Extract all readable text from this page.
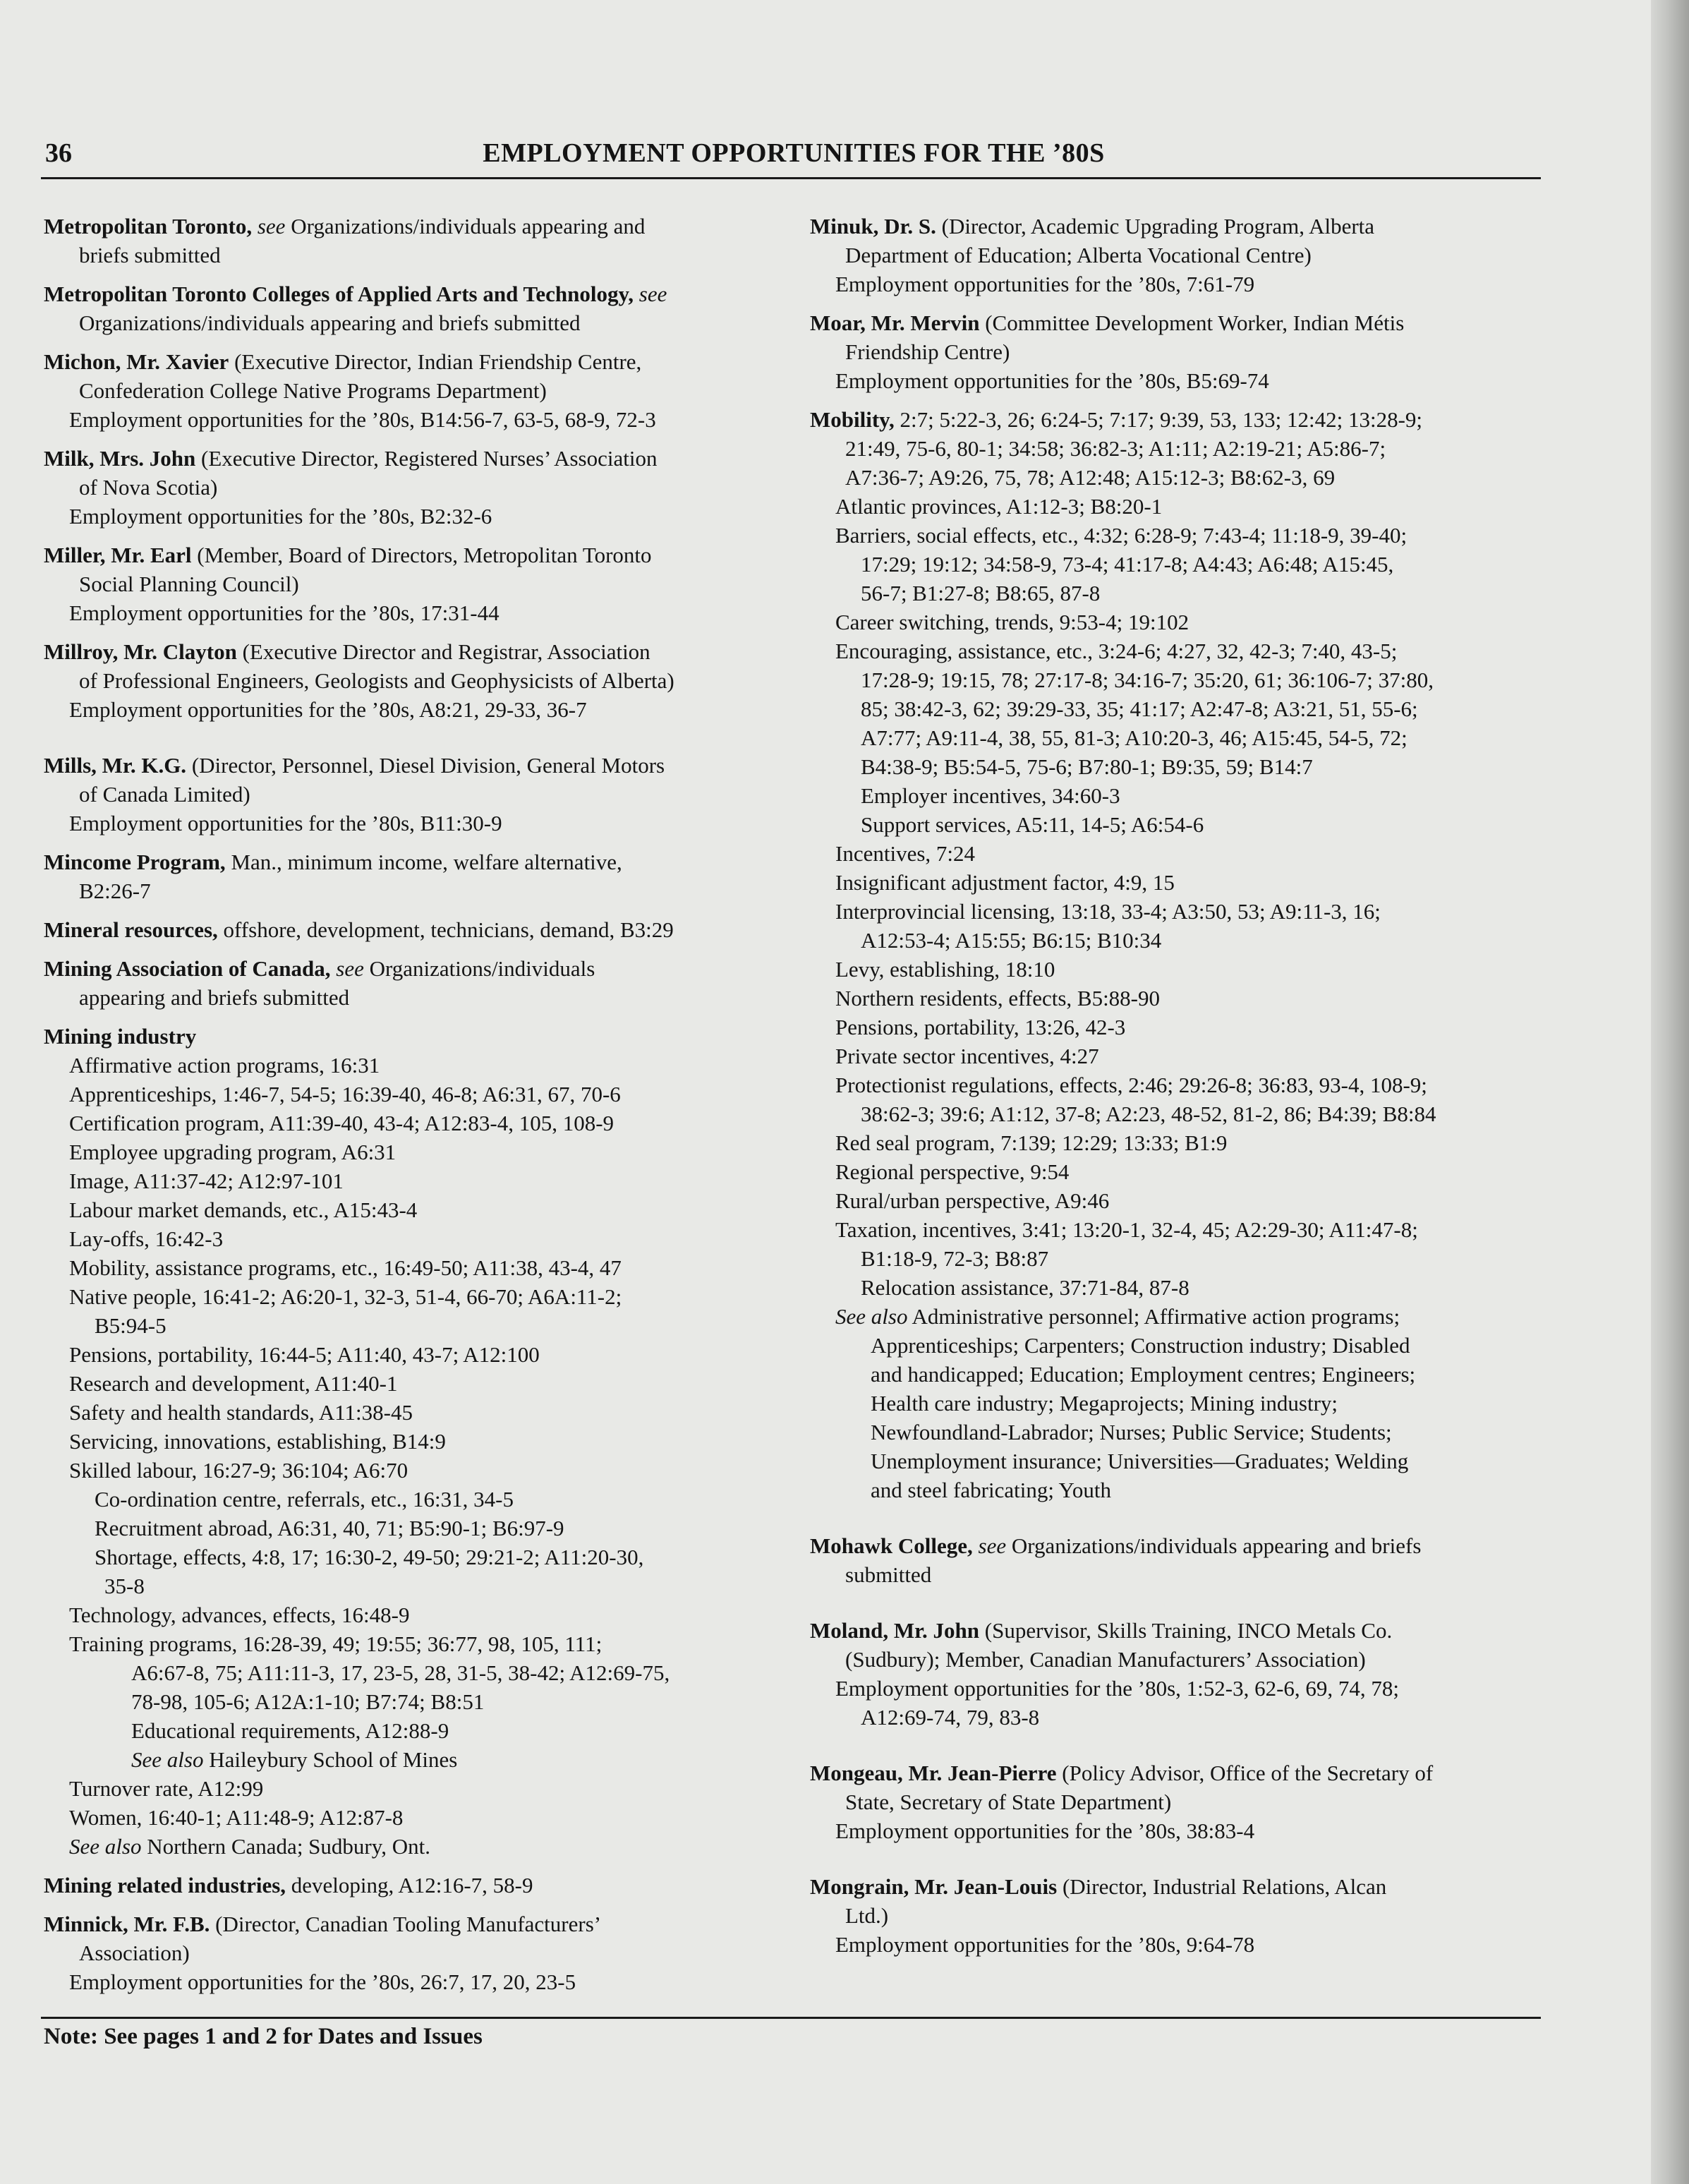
36	EMPLOYMENT OPPORTUNITIES FOR THE ’80S
Metropolitan Toronto, see Organizations/individuals appearing and
briefs submitted
Metropolitan Toronto Colleges of Applied Arts and Technology, see
Organizations/individuals appearing and briefs submitted
Michon, Mr. Xavier (Executive Director, Indian Friendship Centre,
Confederation College Native Programs Department)
Employment opportunities for the ’80s, B14:56-7, 63-5, 68-9, 72-3
Milk, Mrs. John (Executive Director, Registered Nurses’ Association
of Nova Scotia)
Employment opportunities for the ’80s, B2:32-6
Miller, Mr. Earl (Member, Board of Directors, Metropolitan Toronto
Social Planning Council)
Employment opportunities for the ’80s, 17:31-44
Millroy, Mr. Clayton (Executive Director and Registrar, Association
of Professional Engineers, Geologists and Geophysicists of Alberta)
Employment opportunities for the ’80s, A8:21, 29-33, 36-7
Mills, Mr. K.G. (Director, Personnel, Diesel Division, General Motors
of Canada Limited)
Employment opportunities for the ’80s, B11:30-9
Mincome Program, Man., minimum income, welfare alternative,
B2:26-7
Mineral resources, offshore, development, technicians, demand, B3:29
Mining Association of Canada, see Organizations/individuals
appearing and briefs submitted
Mining industry
Affirmative action programs, 16:31
Apprenticeships, 1:46-7, 54-5; 16:39-40, 46-8; A6:31, 67, 70-6
Certification program, A11:39-40, 43-4; A12:83-4, 105, 108-9
Employee upgrading program, A6:31
Image, A11:37-42; A12:97-101
Labour market demands, etc., A15:43-4
Lay-offs, 16:42-3
Mobility, assistance programs, etc., 16:49-50; A11:38, 43-4, 47
Native people, 16:41-2; A6:20-1, 32-3, 51-4, 66-70; A6A:11-2;
B5:94-5
Pensions, portability, 16:44-5; A11:40, 43-7; A12:100
Research and development, A11:40-1
Safety and health standards, A11:38-45
Servicing, innovations, establishing, B14:9
Skilled labour, 16:27-9; 36:104; A6:70
Co-ordination centre, referrals, etc., 16:31, 34-5
Recruitment abroad, A6:31, 40, 71; B5:90-1; B6:97-9
Shortage, effects, 4:8, 17; 16:30-2, 49-50; 29:21-2; A11:20-30,
35-8
Technology, advances, effects, 16:48-9
Training programs, 16:28-39, 49; 19:55; 36:77, 98, 105, 111;
A6:67-8, 75; A11:11-3, 17, 23-5, 28, 31-5, 38-42; A12:69-75,
78-98, 105-6; A12A:1-10; B7:74; B8:51
Educational requirements, A12:88-9
See also Haileybury School of Mines
Turnover rate, A12:99
Women, 16:40-1; A11:48-9; A12:87-8
See also Northern Canada; Sudbury, Ont.
Mining related industries, developing, A12:16-7, 58-9
Minnick, Mr. F.B. (Director, Canadian Tooling Manufacturers’
Association)
Employment opportunities for the ’80s, 26:7, 17, 20, 23-5
Minuk, Dr. S. (Director, Academic Upgrading Program, Alberta
Department of Education; Alberta Vocational Centre)
Employment opportunities for the ’80s, 7:61-79
Moar, Mr. Mervin (Committee Development Worker, Indian Métis
Friendship Centre)
Employment opportunities for the ’80s, B5:69-74
Mobility, 2:7; 5:22-3, 26; 6:24-5; 7:17; 9:39, 53, 133; 12:42; 13:28-9;
21:49, 75-6, 80-1; 34:58; 36:82-3; A1:11; A2:19-21; A5:86-7;
A7:36-7; A9:26, 75, 78; A12:48; A15:12-3; B8:62-3, 69
Atlantic provinces, A1:12-3; B8:20-1
Barriers, social effects, etc., 4:32; 6:28-9; 7:43-4; 11:18-9, 39-40;
17:29; 19:12; 34:58-9, 73-4; 41:17-8; A4:43; A6:48; A15:45,
56-7; B1:27-8; B8:65, 87-8
Career switching, trends, 9:53-4; 19:102
Encouraging, assistance, etc., 3:24-6; 4:27, 32, 42-3; 7:40, 43-5;
17:28-9; 19:15, 78; 27:17-8; 34:16-7; 35:20, 61; 36:106-7; 37:80,
85; 38:42-3, 62; 39:29-33, 35; 41:17; A2:47-8; A3:21, 51, 55-6;
A7:77; A9:11-4, 38, 55, 81-3; A10:20-3, 46; A15:45, 54-5, 72;
B4:38-9; B5:54-5, 75-6; B7:80-1; B9:35, 59; B14:7
Employer incentives, 34:60-3
Support services, A5:11, 14-5; A6:54-6
Incentives, 7:24
Insignificant adjustment factor, 4:9, 15
Interprovincial licensing, 13:18, 33-4; A3:50, 53; A9:11-3, 16;
A12:53-4; A15:55; B6:15; B10:34
Levy, establishing, 18:10
Northern residents, effects, B5:88-90
Pensions, portability, 13:26, 42-3
Private sector incentives, 4:27
Protectionist regulations, effects, 2:46; 29:26-8; 36:83, 93-4, 108-9;
38:62-3; 39:6; A1:12, 37-8; A2:23, 48-52, 81-2, 86; B4:39; B8:84
Red seal program, 7:139; 12:29; 13:33; B1:9
Regional perspective, 9:54
Rural/urban perspective, A9:46
Taxation, incentives, 3:41; 13:20-1, 32-4, 45; A2:29-30; A11:47-8;
B1:18-9, 72-3; B8:87
Relocation assistance, 37:71-84, 87-8
See also Administrative personnel; Affirmative action programs;
Apprenticeships; Carpenters; Construction industry; Disabled
and handicapped; Education; Employment centres; Engineers;
Health care industry; Megaprojects; Mining industry;
Newfoundland-Labrador; Nurses; Public Service; Students;
Unemployment insurance; Universities—Graduates; Welding
and steel fabricating; Youth
Mohawk College, see Organizations/individuals appearing and briefs
submitted
Moland, Mr. John (Supervisor, Skills Training, INCO Metals Co.
(Sudbury); Member, Canadian Manufacturers’ Association)
Employment opportunities for the ’80s, 1:52-3, 62-6, 69, 74, 78;
A12:69-74, 79, 83-8
Mongeau, Mr. Jean-Pierre (Policy Advisor, Office of the Secretary of
State, Secretary of State Department)
Employment opportunities for the ’80s, 38:83-4
Mongrain, Mr. Jean-Louis (Director, Industrial Relations, Alcan
Ltd.)
Employment opportunities for the ’80s, 9:64-78
Note: See pages 1 and 2 for Dates and Issues
